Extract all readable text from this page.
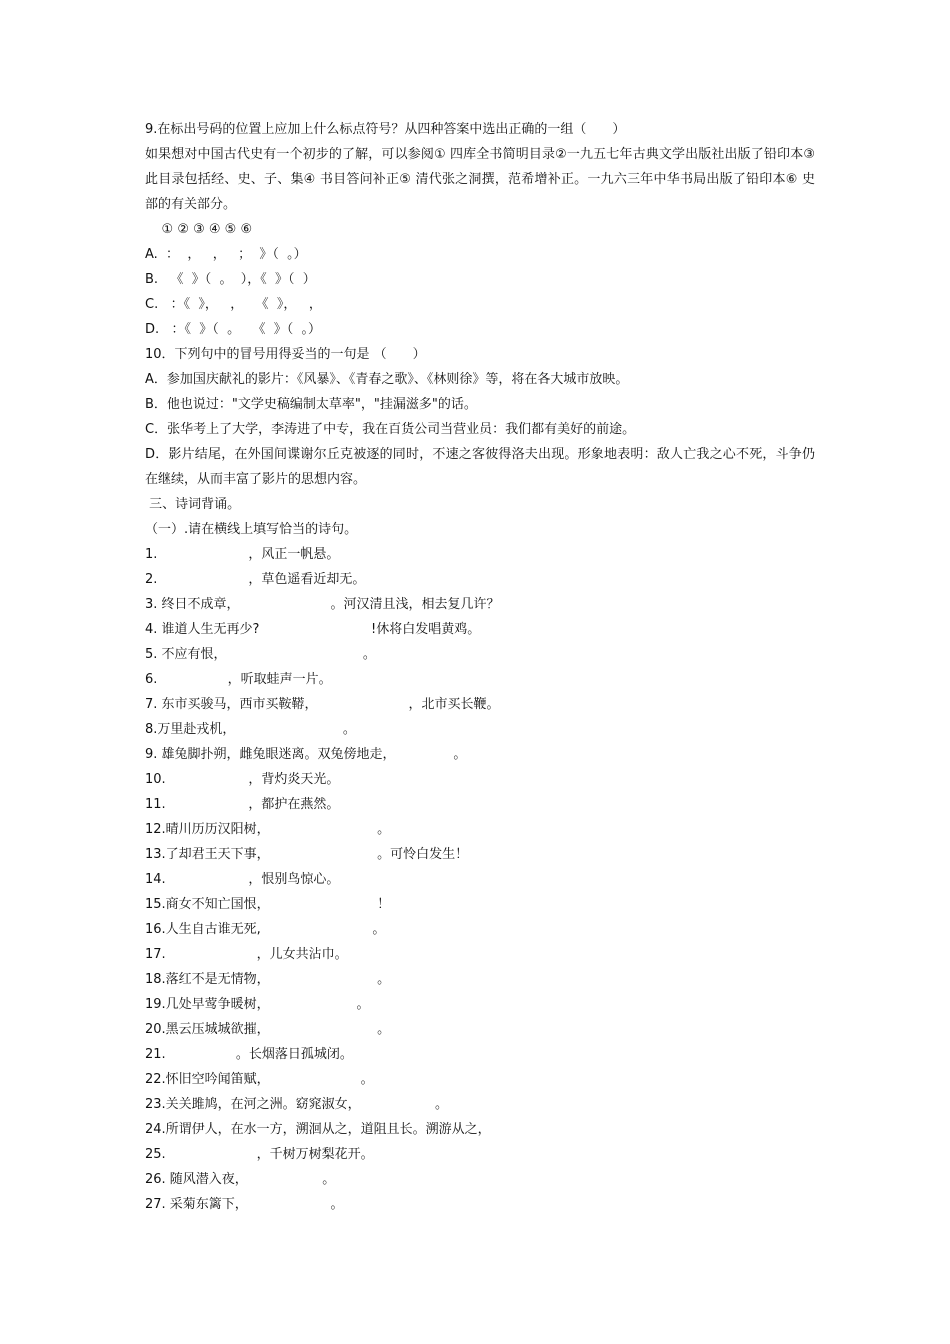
9.在标出号码的位置上应加上什么标点符号？从四种答案中选出正确的一组（　　）
如果想对中国古代史有一个初步的了解，可以参阅① 四库全书简明目录②一九五七年古典文学出版社出版了铅印本③ 此目录包括经、史、子、集④ 书目答问补正⑤ 清代张之洞撰，范希增补正。一九六三年中华书局出版了铅印本⑥ 史部的有关部分。
① ② ③ ④ ⑤ ⑥
A.  ：  ，   ，   ；  》（  。）
B.   《  》（  。  ），《  》（  ）
C.   ：《  》，   ，   《  》，   ，
D.   ：《  》（  。   《  》（  。）
10．下列句中的冒号用得妥当的一句是 （　　）
A．参加国庆献礼的影片：《风暴》、《青春之歌》、《林则徐》等，将在各大城市放映。
B．他也说过："文学史稿编制太草率"，"挂漏滋多"的话。
C．张华考上了大学，李涛进了中专，我在百货公司当营业员：我们都有美好的前途。
D．影片结尾，在外国间谍谢尔丘克被逐的同时，不速之客彼得洛夫出现。形象地表明：敌人亡我之心不死，斗争仍在继续，从而丰富了影片的思想内容。
三、诗词背诵。
（一）.请在横线上填写恰当的诗句。
1.                      ，风正一帆悬。
2.                      ，草色遥看近却无。
3. 终日不成章，                      。河汉清且浅，相去复几许？
4. 谁道人生无再少?                           !休将白发唱黄鸡。
5. 不应有恨，                                 。
6.                 ，听取蛙声一片。
7. 东市买骏马，西市买鞍鞯，                      ，北市买长鞭。
8.万里赴戎机，                          。
9. 雄兔脚扑朔，雌兔眼迷离。双兔傍地走，              。
10.                    ，背灼炎天光。
11.                    ，都护在燕然。
12.晴川历历汉阳树，                          。
13.了却君王天下事，                          。可怜白发生！
14.                    ，恨别鸟惊心。
15.商女不知亡国恨，                          ！
16.人生自古谁无死,                           。
17.                      ，儿女共沾巾。
18.落红不是无情物，                          。
19.几处早莺争暖树，                     。
20.黑云压城城欲摧，                          。
21.                 。长烟落日孤城闭。
22.怀旧空吟闻笛赋，                      。
23.关关雎鸠，在河之洲。窈窕淑女，                  。
24.所谓伊人，在水一方，溯洄从之，道阻且长。溯游从之，
25.                      ，千树万树梨花开。
26. 随风潜入夜，                  。
27. 采菊东篱下，                    。
